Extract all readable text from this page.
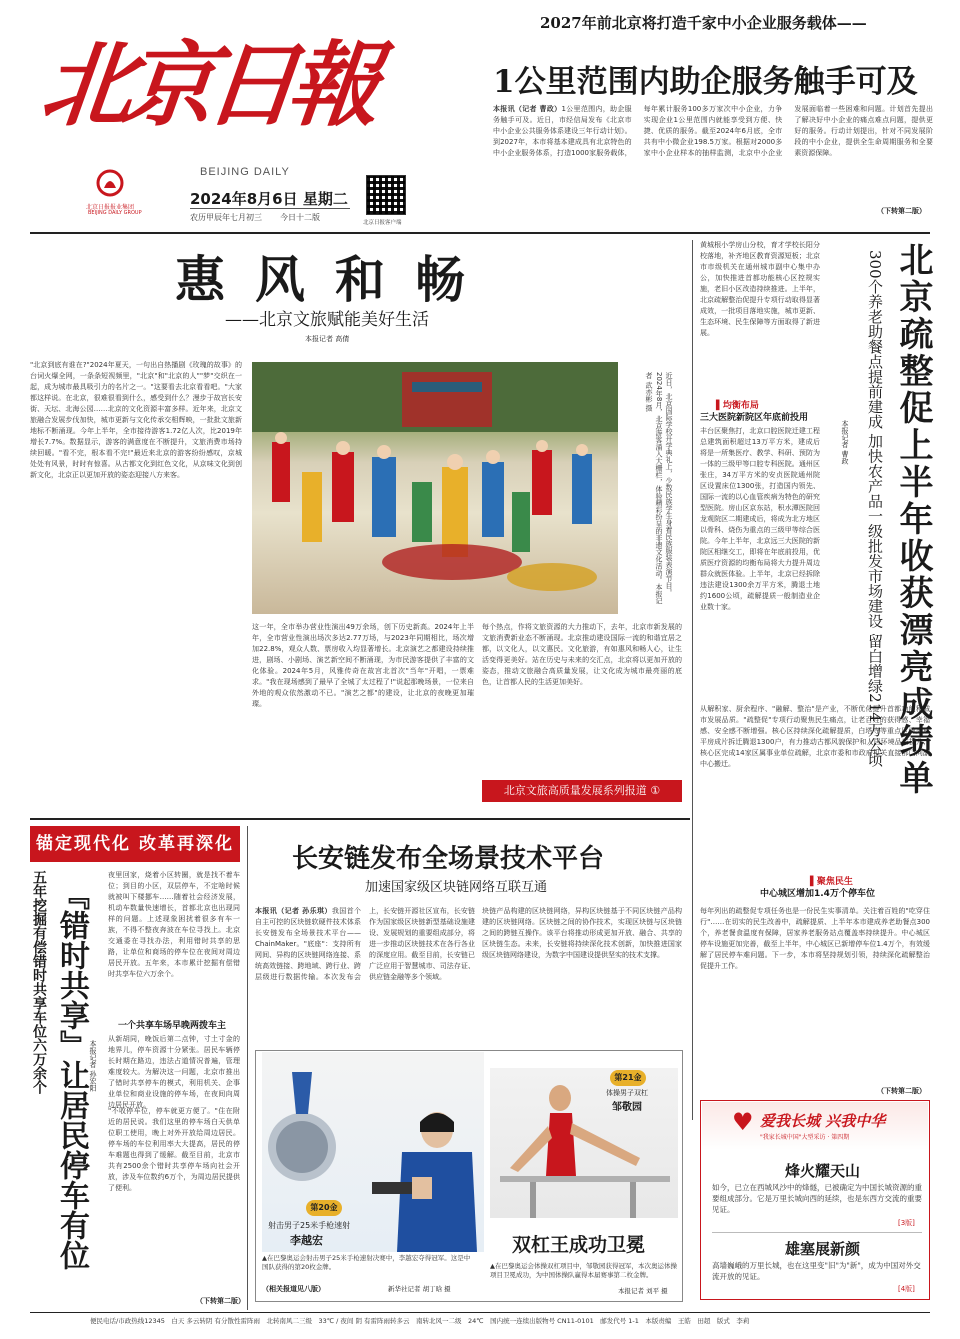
北京日報
BEIJING DAILY
北京日报报业集团
BEIJING DAILY GROUP
2024年8月6日 星期二
农历甲辰年七月初三 今日十二版
北京日报客户端
2027年前北京将打造千家中小企业服务载体——
1公里范围内助企服务触手可及
本报讯（记者 曹政）1公里范围内，助企服务触手可及。近日，市经信局发布《北京市中小企业公共服务体系建设三年行动计划》。到2027年，本市将基本建成具有北京特色的中小企业服务体系，打造1000家服务载体，每年累计服务100多万家次中小企业，力争实现企业1公里范围内就能享受到方便、快捷、优质的服务。截至2024年6月底，全市共有中小微企业198.5万家。根据对2000多家中小企业样本的抽样监测，北京中小企业发展面临着一些困难和问题。计划首先提出了解决好中小企业的痛点难点问题，提供更好的服务。行动计划提出，针对不同发展阶段的中小企业，提供全生命周期服务和全要素资源保障。
（下转第二版）
惠风和畅
——北京文旅赋能美好生活
本报记者 高倩
"北京到底有谁在?"2024年夏天，一句出自热播剧《玫瑰的故事》的台词火爆全网，一条条短视频里，"北京"和"北京的人""梦"交织在一起，成为城市最具吸引力的名片之一。"这要看去北京看看吧。"大家都这样说。在北京，很难很看到什么，感受到什么？漫步于故宫长安街、天坛、北海公园……北京的文化资源丰富多样。近年来，北京文旅融合发展步伐加快，城市更新与文化传承交相辉映，一批批文旅新地标不断涌现。今年上半年，全市接待游客1.72亿人次，比2019年增长7.7%。数据显示，游客的满意度在不断提升，文旅消费市场持续回暖。"看不完，根本看不完!"最近来北京的游客纷纷感叹，京城处处有风景，时时有惊喜。从古都文化到红色文化，从京味文化到创新文化，北京正以更加开放的姿态迎接八方来客。	近日，北京国际学校开学典礼上，少数民族学生身着民族服装表演节目。2024年8月，北京游客涌入大栅栏，体验精彩纷呈的非遗文化活动。本报记者 武亦彬 摄
这一年，全市举办营业性演出49万余场，创下历史新高。2024年上半年，全市营业性演出场次多达2.77万场，与2023年同期相比，场次增加22.8%，观众人数、票房收入均显著增长。北京演艺之都建设持续推进，剧场、小剧场、演艺新空间不断涌现，为市民游客提供了丰富的文化体验。2024年5月，风雅传奇在故宫北首次"当年"开唱，一票难求。"我在现场感到了最早了全城了太过程了!"说起那晚场景，一位来自外地的观众依然激动不已。"演艺之都"的建设，让北京的夜晚更加璀璨。
每个热点，作将文旅资源的大力推动下，去年，北京市新发展的文旅消费新业态不断涌现。北京推动建设国际一流的和谐宜居之都，以文化人，以文惠民。文化旅游，有如惠风和畅人心，让生活变得更美好。站在历史与未来的交汇点，北京将以更加开放的姿态，推动文旅融合高质量发展，让文化成为城市最亮丽的底色，让首都人民的生活更加美好。
北京文旅高质量发展系列报道 ①
黄城根小学房山分校，育才学校长阳分校落地，补齐地区教育资源短板；北京市市级机关在通州城市副中心集中办公，加快推进首都功能核心区控规实施，老旧小区改造持续推进。上半年，北京疏解整治促提升专项行动取得显著成效，一批项目落地实施，城市更新、生态环境、民生保障等方面取得了新进展。
▌均衡布局
三大医院新院区年底前投用
丰台区聚焦打，北京口腔医院迁建工程总建筑面积超过13万平方米，建成后将是一所集医疗、教学、科研、预防为一体的三级甲等口腔专科医院。通州区张庄，34万平方米的安贞医院通州院区设置床位1300张，打造国内领先、国际一流的以心血管疾病为特色的研究型医院。房山区京东站，积水潭医院回龙观院区二期建成后，将成为北方地区以骨科、烧伤为重点的三级甲等综合医院。今年上半年，北京远三大医院的新院区相继交工，即将在年底前投用，优质医疗资源的均衡布局将大力提升周边群众就医体验。上半年，北京已经拆除违法建设1300余万平方米，腾退土地约1600公顷，疏解提质一般制造业企业数十家。
从解积家、厨余程序、"融解、整治"是产业，不断优化提升首都功能和城市发展品质。"疏整促"专项行动聚焦民生痛点，让老百姓的获得感、幸福感、安全感不断增强。核心区持续深化疏解提质，白塔寺等重点区域完成平房成片拆迁腾退1300户，有力推动古都风貌保护和人居环境品质提升；核心区完成14家区属事业单位疏解，北京市委和市政府机关直接部门向副中心搬迁。	北京疏整促上半年收获漂亮成绩单
300个养老助餐点提前建成 加快农产品一级批发市场建设 留白增绿214万公顷
本报记者 曹政
▌聚焦民生
中心城区增加1.4万个停车位
每年列出的疏整促专项任务也是一份民生实事清单。关注着百姓的"吃穿住行"……在切实的民生改善中，疏解提质、上半年本市建成养老助餐点300个，养老餐食温度有保障，居家养老服务站点覆盖率持续提升。中心城区停车设施更加完善，截至上半年，中心城区已新增停车位1.4万个，有效缓解了居民停车难问题。下一步，本市将坚持规划引领，持续深化疏解整治促提升工作。
（下转第二版）
锚定现代化 改革再深化
五年挖掘有偿错时共享车位六万余个 『错时共享』让居民停车有位 本报记者 孙宏阳
夜里回家，烧着小区转圈，就是找不着车位；到目的小区，双层停车，不定啥时候就被叫下楼挪车……随着社会经济发展，机动车数量快速增长，首都北京也出现同样的问题。上述现象困扰着很多有车一族，不得不整夜奔波在车位寻找上。北京交通委在寻找办法，利用错时共享的思路，让单位和商场的停车位在夜间对周边居民开放。五年来，本市累计挖掘有偿错时共享车位六万余个。
一个共享车场早晚两拨车主
从新胡同，晚饭后第二点钟，寸土寸金的地界儿，停车资源十分紧张。居民车辆停长时期在路边，违法占道情况普遍，管理难度较大。为解决这一问题，北京市推出了错时共享停车的模式，利用机关、企事业单位和商业设施的停车场，在夜间向周边居民开放。
"不收停车位，停车就更方便了。"住在附近的居民说。我们这里的停车场白天供单位职工使用，晚上对外开放给周边居民。停车场的车位利用率大大提高，居民的停车难题也得到了缓解。截至目前，北京市共有2500余个错时共享停车场向社会开放，涉及车位数约6万个，为周边居民提供了便利。
（下转第二版）
长安链发布全场景技术平台
加速国家级区块链网络互联互通
本报讯（记者 孙乐琪）我国首个自主可控的区块链软硬件技术体系长安链发布全场景技术平台——ChainMaker。"底座"：支持所有网间、异构的区块链网络连接、系统高效链接、跨地域、跨行业、跨层级进行数据传输。本次发布会上，长安链开源社区宣布，长安链作为国家级区块链新型基础设施建设、发展规划的重要组成部分，将进一步推动区块链技术在各行各业的深度应用。截至目前，长安链已广泛应用于智慧城市、司法存证、供应链金融等多个领域。
块链产品构建的区块链网络，异构区块链基于不同区块链产品构建的区块链网络。区块链之间的协作技术，实现区块链与区块链之间的跨链互操作。该平台将推动形成更加开放、融合、共享的区块链生态。未来，长安链将持续深化技术创新，加快推进国家级区块链网络建设，为数字中国建设提供坚实的技术支撑。
第20金
射击男子25米手枪速射
李越宏
第21金
体操男子双杠
邹敬园
双杠王成功卫冕
▲在巴黎奥运会射击男子25米手枪速射决赛中，李越宏夺得冠军。这是中国队获得的第20枚金牌。
（相关报道见八版）	新华社记者 胡丁晗 摄
▲在巴黎奥运会体操双杠项目中，邹敬园获得冠军，本次奥运体操项目卫冕成功，为中国体操队赢得本届赛事第二枚金牌。
本报记者 刘平 摄
♥ 爱我长城 兴我中华
"我家长城中国"大型采访 · 第四期
烽火耀天山
如今，已立在西城风沙中的烽燧，已被确定为中国长城资源的重要组成部分。它是万里长城向西的延续，也是东西方交流的重要见证。
[3版]
雄塞展新颜
高墙巍峨的万里长城，也在这里变"旧"为"新"，成为中国对外交流开放的见证。
[4版]
便民电话/市政热线12345　白天 多云转阴 有分散性雷阵雨　北转南风二三级　33℃ / 夜间 阴 有雷阵雨转多云　南转北风一二级　24℃　国内统一连续出版物号 CN11-0101　邮发代号 1-1　本版责编　王皓　田超　版式　李莉
